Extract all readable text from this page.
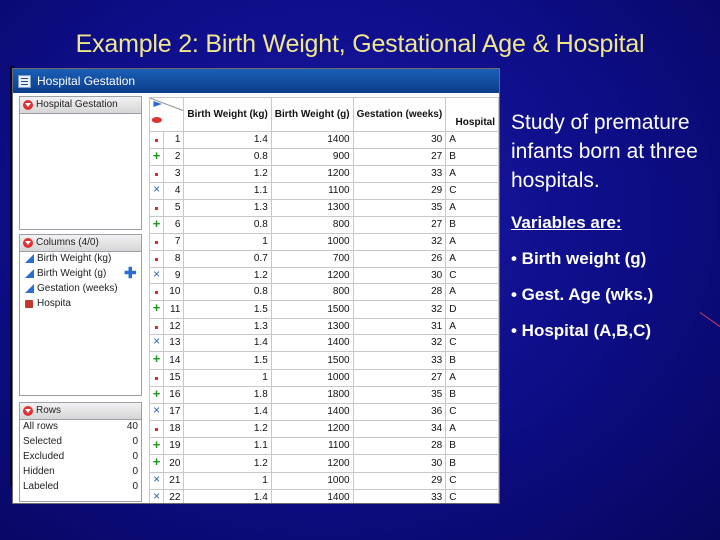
Example 2: Birth Weight, Gestational Age & Hospital
Hospital Gestation
Hospital Gestation
Columns (4/0)
Birth Weight (kg)
Birth Weight (g)
Gestation (weeks)
Hospita
✚
Rows
All rows	40
Selected	0
Excluded	0
Hidden	0
Labeled	0
	Birth Weight (kg)	Birth Weight (g)	Gestation (weeks)	Hospital
	1	1.4	1400	30	A
+	2	0.8	900	27	B
	3	1.2	1200	33	A
×	4	1.1	1100	29	C
	5	1.3	1300	35	A
+	6	0.8	800	27	B
	7	1	1000	32	A
	8	0.7	700	26	A
×	9	1.2	1200	30	C
	10	0.8	800	28	A
+	11	1.5	1500	32	D
	12	1.3	1300	31	A
×	13	1.4	1400	32	C
+	14	1.5	1500	33	B
	15	1	1000	27	A
+	16	1.8	1800	35	B
×	17	1.4	1400	36	C
	18	1.2	1200	34	A
+	19	1.1	1100	28	B
+	20	1.2	1200	30	B
×	21	1	1000	29	C
×	22	1.4	1400	33	C

Study of premature infants born at three hospitals.

Variables are:

• Birth weight (g)
• Gest. Age (wks.)
• Hospital (A,B,C)
